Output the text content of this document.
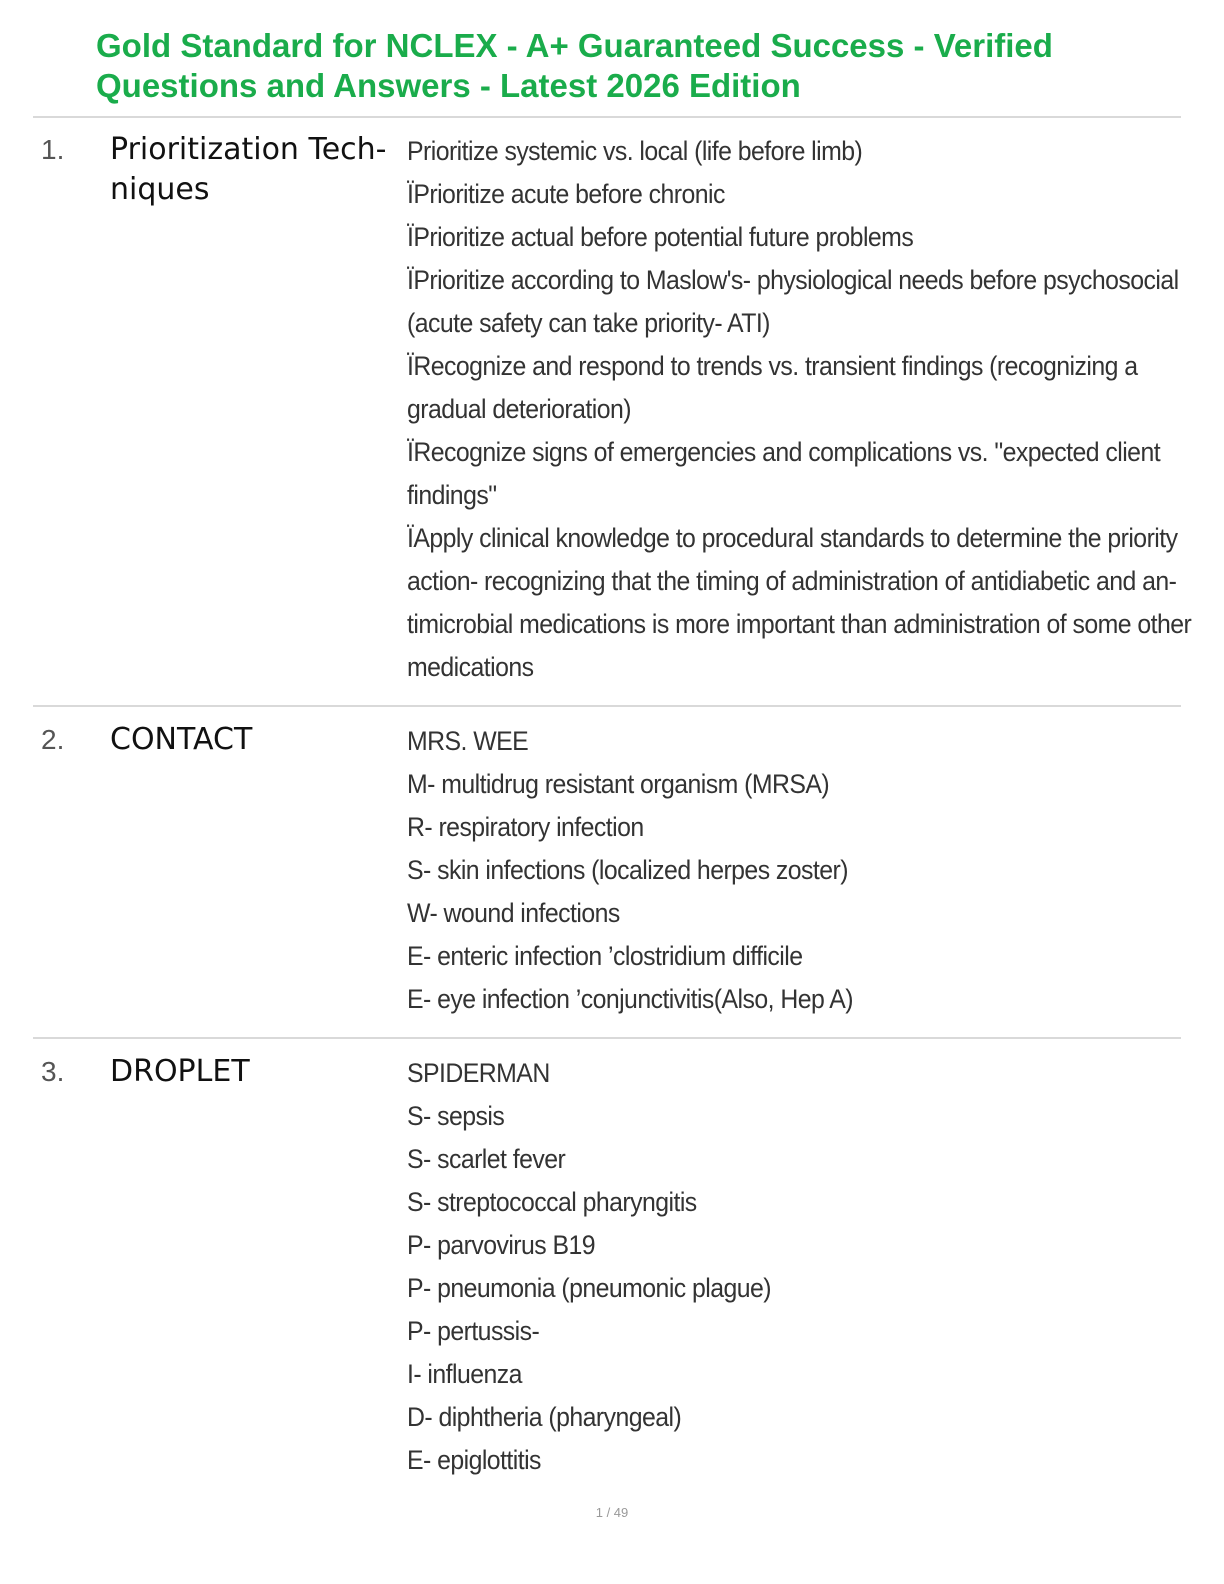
Gold Standard for NCLEX - A+ Guaranteed Success - Verified Questions and Answers - Latest 2026 Edition
1. Prioritization Tech- niques
Prioritize systemic vs. local (life before limb)
ÏPrioritize acute before chronic
ÏPrioritize actual before potential future problems
ÏPrioritize according to Maslow's- physiological needs before psychosocial
(acute safety can take priority- ATI)
ÏRecognize and respond to trends vs. transient findings (recognizing a
gradual deterioration)
ÏRecognize signs of emergencies and complications vs. "expected client
findings"
ÏApply clinical knowledge to procedural standards to determine the priority
action- recognizing that the timing of administration of antidiabetic and an-
timicrobial medications is more important than administration of some other
medications
2. CONTACT	MRS. WEE
M- multidrug resistant organism (MRSA)
R- respiratory infection
S- skin infections (localized herpes zoster)
W- wound infections
E- enteric infection ’clostridium difficile
E- eye infection ’conjunctivitis(Also, Hep A)
3. DROPLET	SPIDERMAN
S- sepsis
S- scarlet fever
S- streptococcal pharyngitis
P- parvovirus B19
P- pneumonia (pneumonic plague)
P- pertussis-
I- influenza
D- diphtheria (pharyngeal)
E- epiglottitis
1 / 49
